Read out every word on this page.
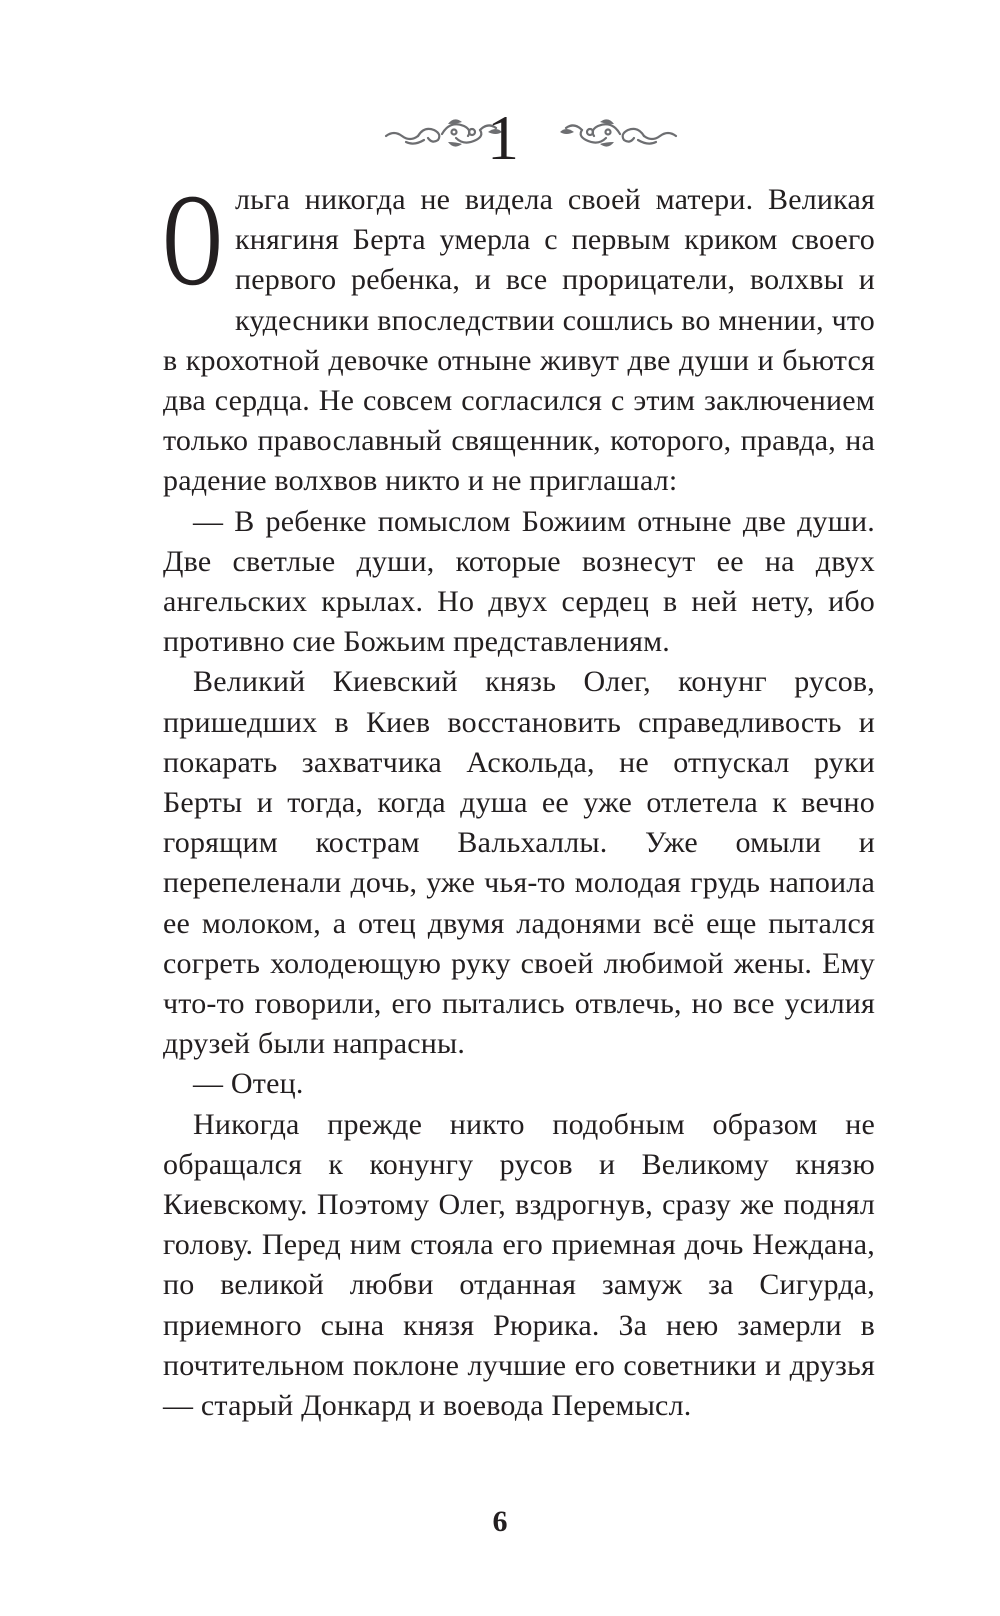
1

Ольга никогда не видела своей матери. Великая княгиня Берта умерла с первым криком своего первого ребенка, и все прорицатели, волхвы и кудесники впоследствии сошлись во мнении, что в крохотной девочке отныне живут две души и бьются два сердца. Не совсем согласился с этим заключением только православный священник, которого, правда, на радение волхвов никто и не приглашал:

— В ребенке помыслом Божиим отныне две души. Две светлые души, которые вознесут ее на двух ангельских крылах. Но двух сердец в ней нету, ибо противно сие Божьим представлениям.

Великий Киевский князь Олег, конунг русов, пришедших в Киев восстановить справедливость и покарать захватчика Аскольда, не отпускал руки Берты и тогда, когда душа ее уже отлетела к вечно горящим кострам Вальхаллы. Уже омыли и перепеленали дочь, уже чья-то молодая грудь напоила ее молоком, а отец двумя ладонями всё еще пытался согреть холодеющую руку своей любимой жены. Ему что-то говорили, его пытались отвлечь, но все усилия друзей были напрасны.

— Отец.

Никогда прежде никто подобным образом не обращался к конунгу русов и Великому князю Киевскому. Поэтому Олег, вздрогнув, сразу же поднял голову. Перед ним стояла его приемная дочь Неждана, по великой любви отданная замуж за Сигурда, приемного сына князя Рюрика. За нею замерли в почтительном поклоне лучшие его советники и друзья — старый Донкард и воевода Перемысл.

6
